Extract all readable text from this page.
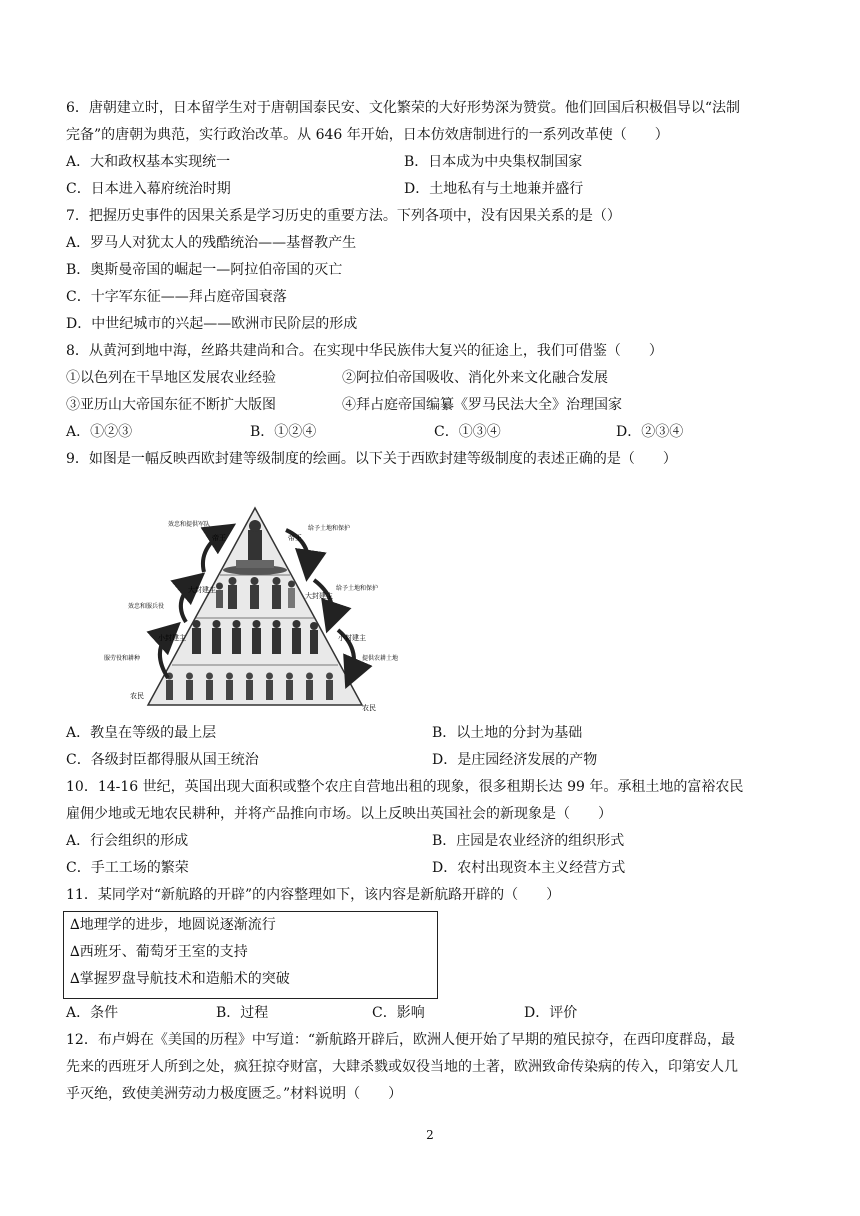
6．唐朝建立时，日本留学生对于唐朝国泰民安、文化繁荣的大好形势深为赞赏。他们回国后积极倡导以“法制
完备”的唐朝为典范，实行政治改革。从 646 年开始，日本仿效唐制进行的一系列改革使（　　）
A．大和政权基本实现统一	B．日本成为中央集权制国家
C．日本进入幕府统治时期	D．土地私有与土地兼并盛行
7．把握历史事件的因果关系是学习历史的重要方法。下列各项中，没有因果关系的是（）
A．罗马人对犹太人的残酷统治——基督教产生
B．奥斯曼帝国的崛起一—阿拉伯帝国的灭亡
C．十字军东征——拜占庭帝国衰落
D．中世纪城市的兴起——欧洲市民阶层的形成
8．从黄河到地中海，丝路共建尚和合。在实现中华民族伟大复兴的征途上，我们可借鉴（　　）
①以色列在干旱地区发展农业经验	②阿拉伯帝国吸收、消化外来文化融合发展
③亚历山大帝国东征不断扩大版图	④拜占庭帝国编纂《罗马民法大全》治理国家
A．①②③	B．①②④	C．①③④	D．②③④
9．如图是一幅反映西欧封建等级制度的绘画。以下关于西欧封建等级制度的表述正确的是（　　）
帝王	帝王
效忠和提供军队
给予土地和保护
大封建主
大封建主
效忠和服兵役
给予土地和保护
小封建主	小封建主
服劳役和耕种	提供农耕土地
农民
农民
A．教皇在等级的最上层	B．以土地的分封为基础
C．各级封臣都得服从国王统治	D．是庄园经济发展的产物
10．14-16 世纪，英国出现大面积或整个农庄自营地出租的现象，很多租期长达 99 年。承租土地的富裕农民
雇佣少地或无地农民耕种，并将产品推向市场。以上反映出英国社会的新现象是（　　）
A．行会组织的形成	B．庄园是农业经济的组织形式
C．手工工场的繁荣	D．农村出现资本主义经营方式
11．某同学对“新航路的开辟”的内容整理如下，该内容是新航路开辟的（　　）
∆地理学的进步，地圆说逐渐流行
∆西班牙、葡萄牙王室的支持
∆掌握罗盘导航技术和造船术的突破
A．条件	B．过程	C．影响	D．评价
12．布卢姆在《美国的历程》中写道：“新航路开辟后，欧洲人便开始了早期的殖民掠夺，在西印度群岛，最
先来的西班牙人所到之处，疯狂掠夺财富，大肆杀戮或奴役当地的土著，欧洲致命传染病的传入，印第安人几
乎灭绝，致使美洲劳动力极度匮乏。”材料说明（　　）
2
